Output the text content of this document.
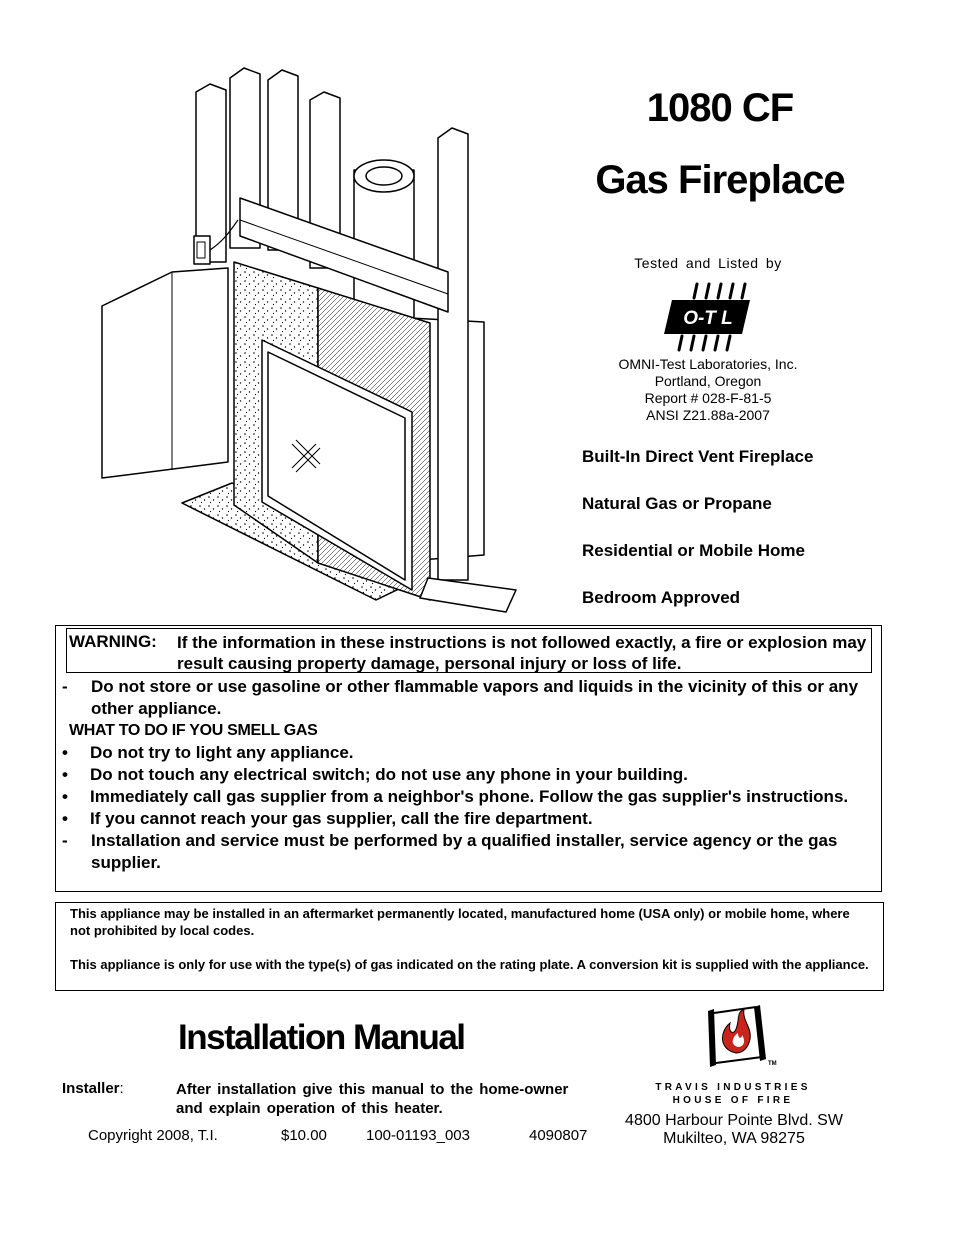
1080 CF
Gas Fireplace
Tested and Listed by
O-T L
OMNI-Test Laboratories, Inc.
Portland, Oregon
Report # 028-F-81-5
ANSI Z21.88a-2007
Built-In Direct Vent Fireplace
Natural Gas or Propane
Residential or Mobile Home
Bedroom Approved
WARNING: If the information in these instructions is not followed exactly, a fire or explosion may result causing property damage, personal injury or loss of life.
- Do not store or use gasoline or other flammable vapors and liquids in the vicinity of this or any other appliance.
WHAT TO DO IF YOU SMELL GAS
• Do not try to light any appliance.
• Do not touch any electrical switch; do not use any phone in your building.
• Immediately call gas supplier from a neighbor's phone. Follow the gas supplier's instructions.
• If you cannot reach your gas supplier, call the fire department.
- Installation and service must be performed by a qualified installer, service agency or the gas supplier.
This appliance may be installed in an aftermarket permanently located, manufactured home (USA only) or mobile home, where not prohibited by local codes.
This appliance is only for use with the type(s) of gas indicated on the rating plate. A conversion kit is supplied with the appliance.
Installation Manual
Installer:	After installation give this manual to the home-owner and explain operation of this heater.
Copyright 2008, T.I.	$10.00	100-01193_003	4090807
TM
TRAVIS INDUSTRIES
HOUSE OF FIRE
4800 Harbour Pointe Blvd. SW
Mukilteo, WA 98275
